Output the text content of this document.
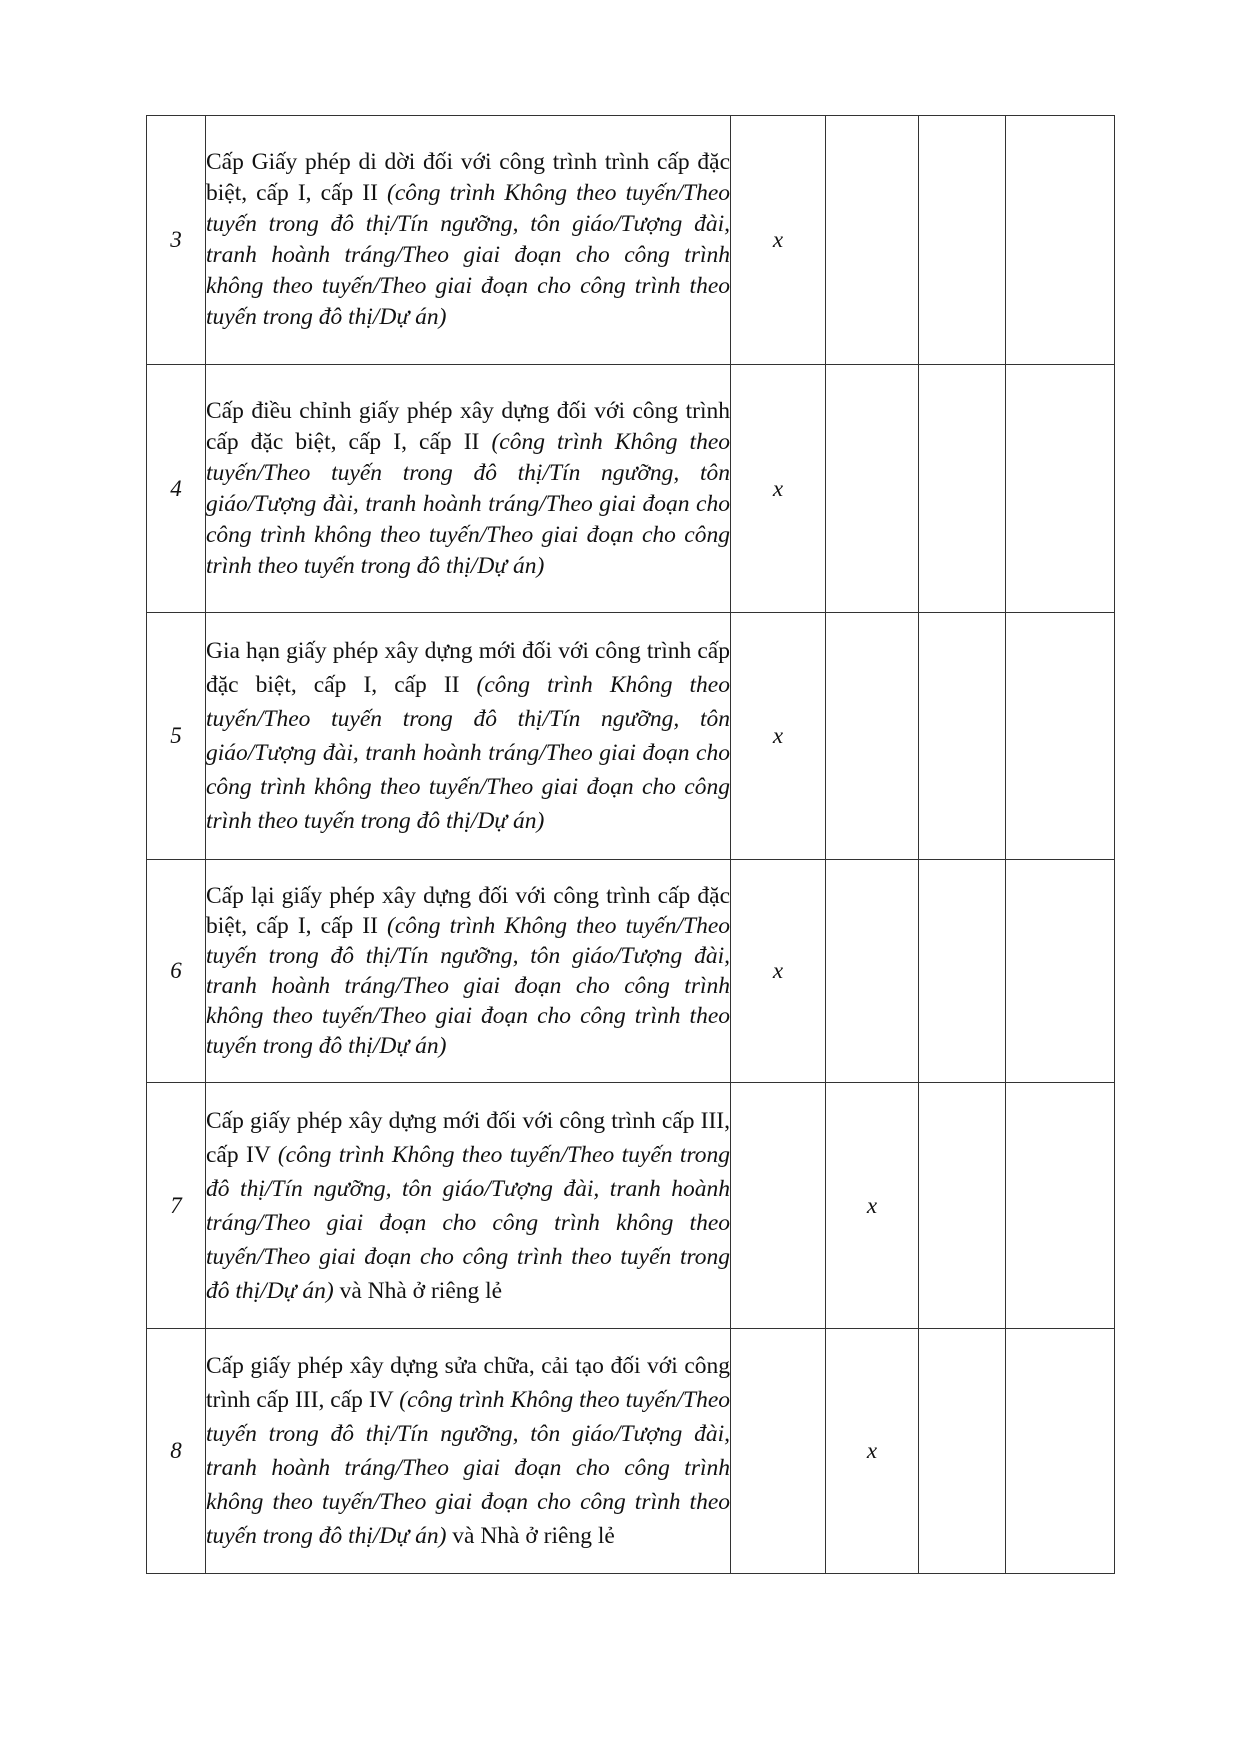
3	Cấp Giấy phép di dời đối với công trình trình cấp đặc biệt, cấp I, cấp II (công trình Không theo tuyến/Theo tuyến trong đô thị/Tín ngưỡng, tôn giáo/Tượng đài, tranh hoành tráng/Theo giai đoạn cho công trình không theo tuyến/Theo giai đoạn cho công trình theo tuyến trong đô thị/Dự án)	x			
4	Cấp điều chỉnh giấy phép xây dựng đối với công trình cấp đặc biệt, cấp I, cấp II (công trình Không theo tuyến/Theo tuyến trong đô thị/Tín ngưỡng, tôn giáo/Tượng đài, tranh hoành tráng/Theo giai đoạn cho công trình không theo tuyến/Theo giai đoạn cho công trình theo tuyến trong đô thị/Dự án)	x			
5	Gia hạn giấy phép xây dựng mới đối với công trình cấp đặc biệt, cấp I, cấp II (công trình Không theo tuyến/Theo tuyến trong đô thị/Tín ngưỡng, tôn giáo/Tượng đài, tranh hoành tráng/Theo giai đoạn cho công trình không theo tuyến/Theo giai đoạn cho công trình theo tuyến trong đô thị/Dự án)	x			
6	Cấp lại giấy phép xây dựng đối với công trình cấp đặc biệt, cấp I, cấp II (công trình Không theo tuyến/Theo tuyến trong đô thị/Tín ngưỡng, tôn giáo/Tượng đài, tranh hoành tráng/Theo giai đoạn cho công trình không theo tuyến/Theo giai đoạn cho công trình theo tuyến trong đô thị/Dự án)	x			
7	Cấp giấy phép xây dựng mới đối với công trình cấp III, cấp IV (công trình Không theo tuyến/Theo tuyến trong đô thị/Tín ngưỡng, tôn giáo/Tượng đài, tranh hoành tráng/Theo giai đoạn cho công trình không theo tuyến/Theo giai đoạn cho công trình theo tuyến trong đô thị/Dự án) và Nhà ở riêng lẻ		x		
8	Cấp giấy phép xây dựng sửa chữa, cải tạo đối với công trình cấp III, cấp IV (công trình Không theo tuyến/Theo tuyến trong đô thị/Tín ngưỡng, tôn giáo/Tượng đài, tranh hoành tráng/Theo giai đoạn cho công trình không theo tuyến/Theo giai đoạn cho công trình theo tuyến trong đô thị/Dự án) và Nhà ở riêng lẻ		x		
